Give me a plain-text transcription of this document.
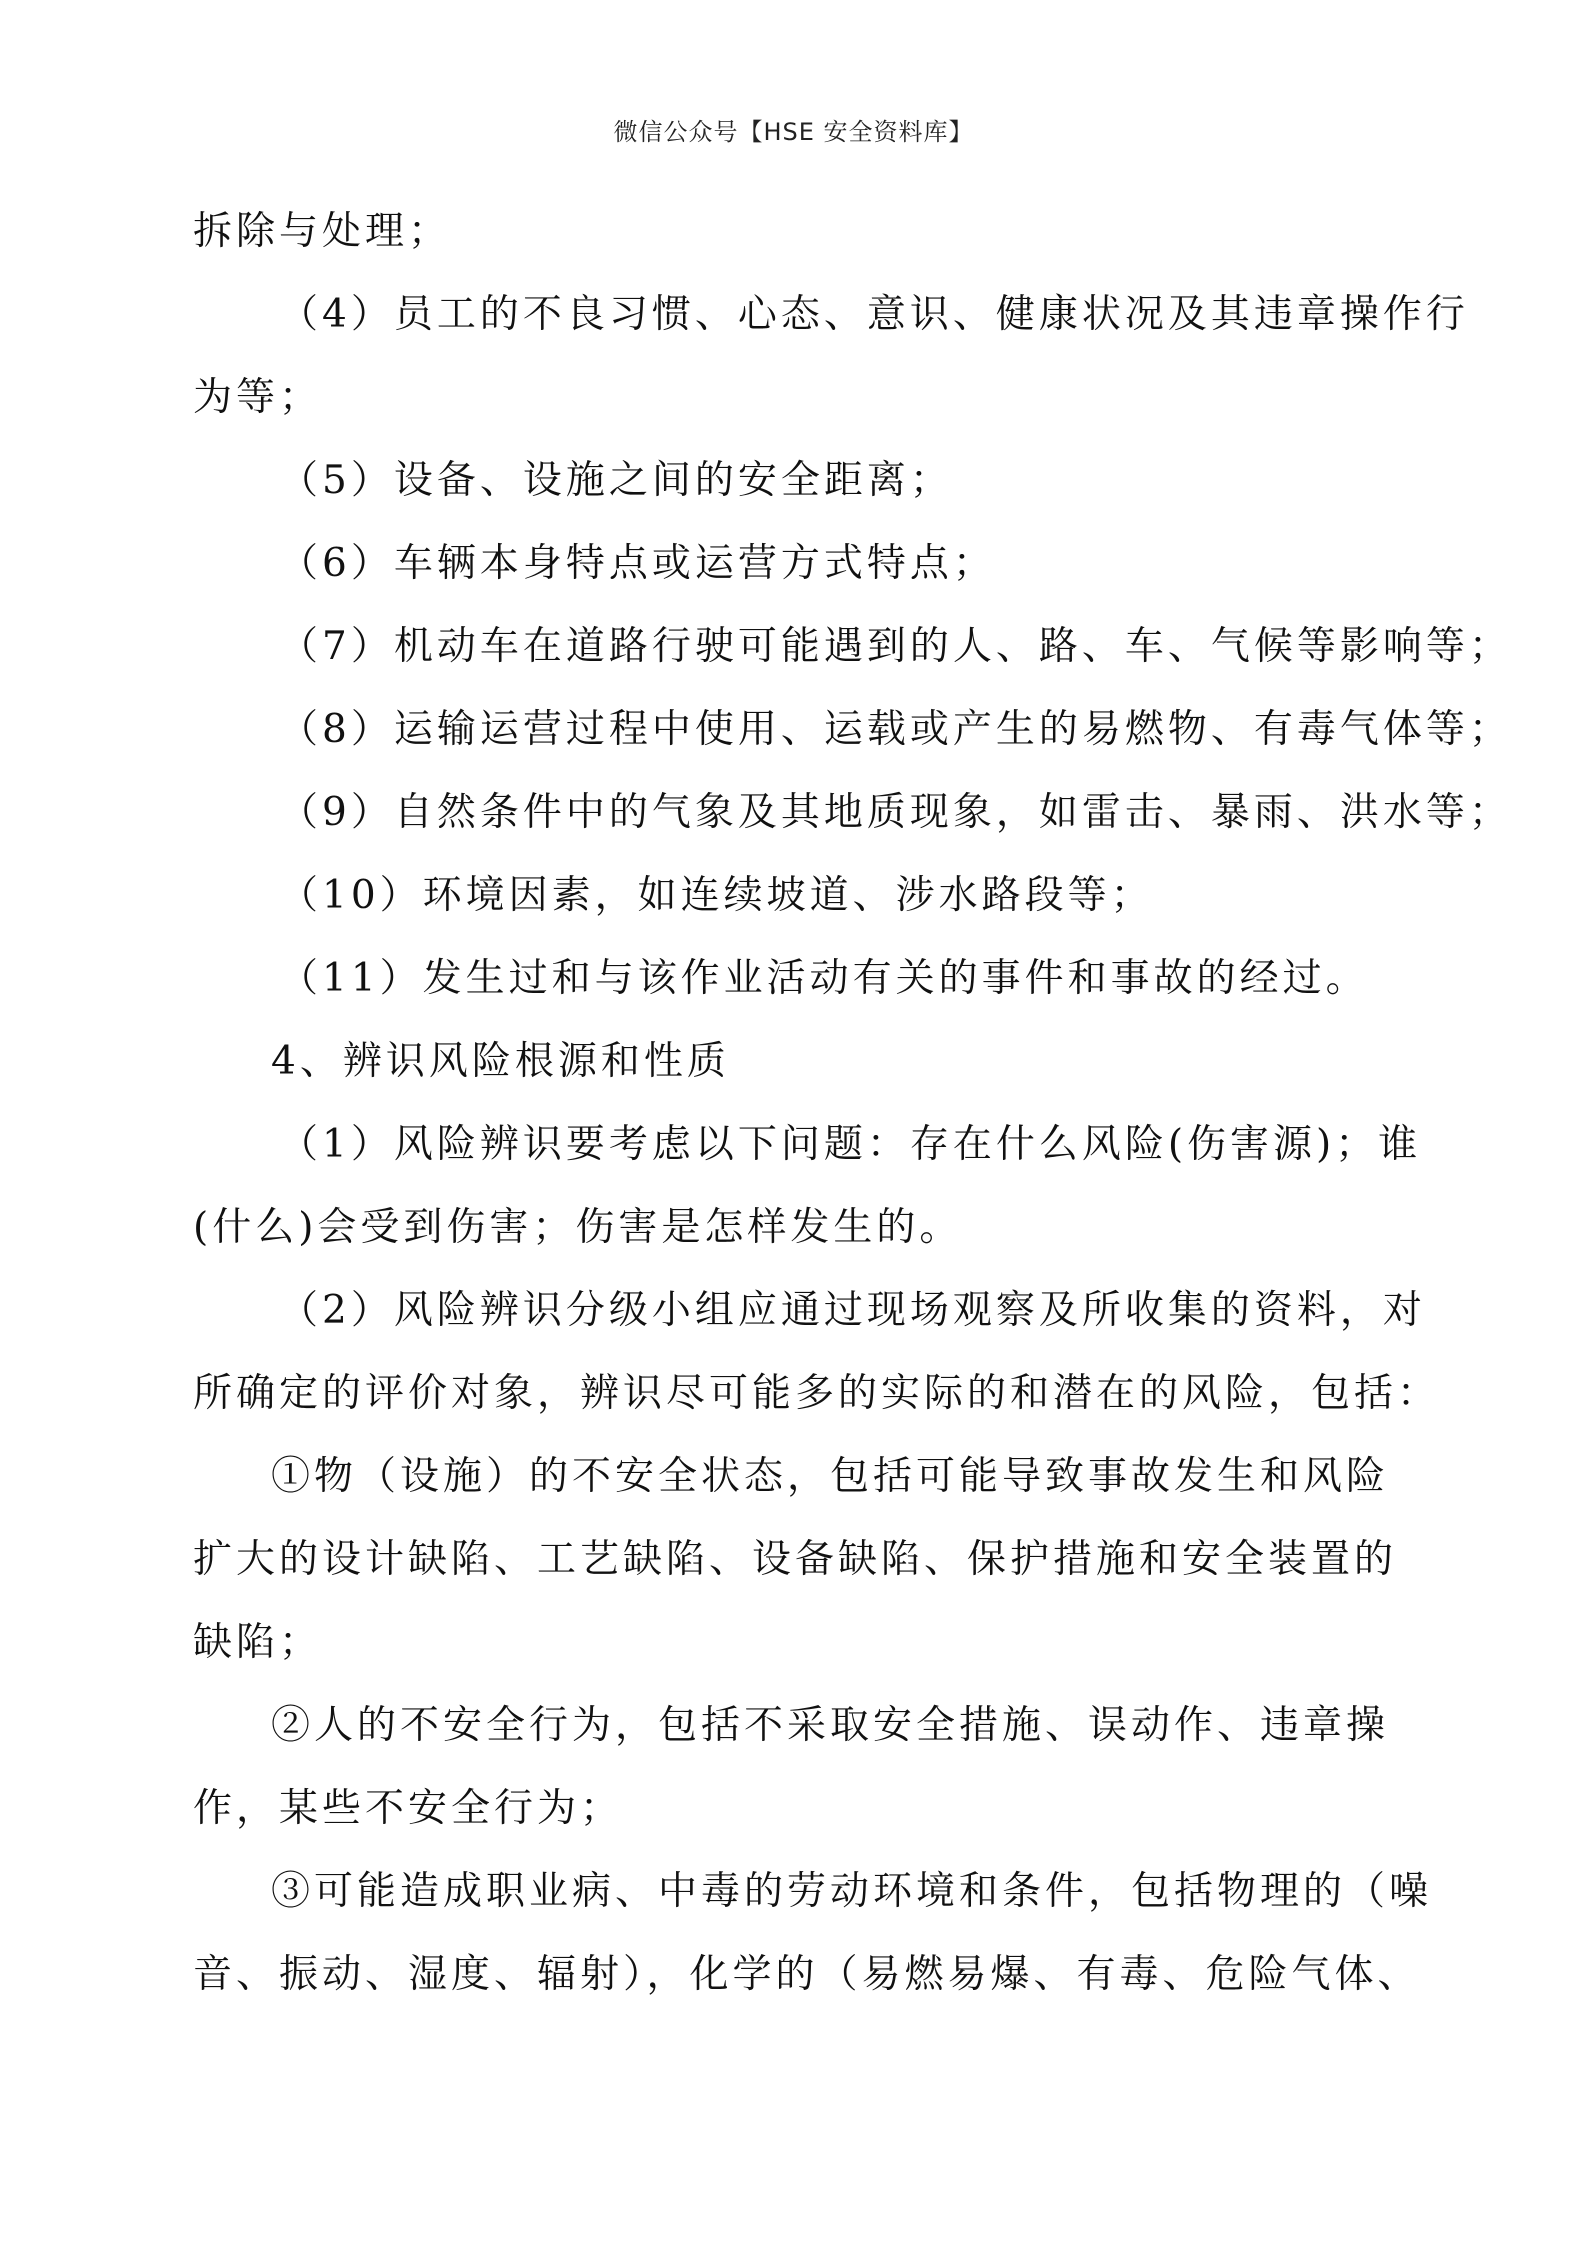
微信公众号【HSE 安全资料库】
拆除与处理；
（4）员工的不良习惯、心态、意识、健康状况及其违章操作行
为等；
（5）设备、设施之间的安全距离；
（6）车辆本身特点或运营方式特点；
（7）机动车在道路行驶可能遇到的人、路、车、气候等影响等；
（8）运输运营过程中使用、运载或产生的易燃物、有毒气体等；
（9）自然条件中的气象及其地质现象，如雷击、暴雨、洪水等；
（10）环境因素，如连续坡道、涉水路段等；
（11）发生过和与该作业活动有关的事件和事故的经过。
4、辨识风险根源和性质
（1）风险辨识要考虑以下问题：存在什么风险(伤害源)；谁
(什么)会受到伤害；伤害是怎样发生的。
（2）风险辨识分级小组应通过现场观察及所收集的资料，对
所确定的评价对象，辨识尽可能多的实际的和潜在的风险，包括：
①物（设施）的不安全状态，包括可能导致事故发生和风险
扩大的设计缺陷、工艺缺陷、设备缺陷、保护措施和安全装置的
缺陷；
②人的不安全行为，包括不采取安全措施、误动作、违章操
作，某些不安全行为；
③可能造成职业病、中毒的劳动环境和条件，包括物理的（噪
音、振动、湿度、辐射），化学的（易燃易爆、有毒、危险气体、
